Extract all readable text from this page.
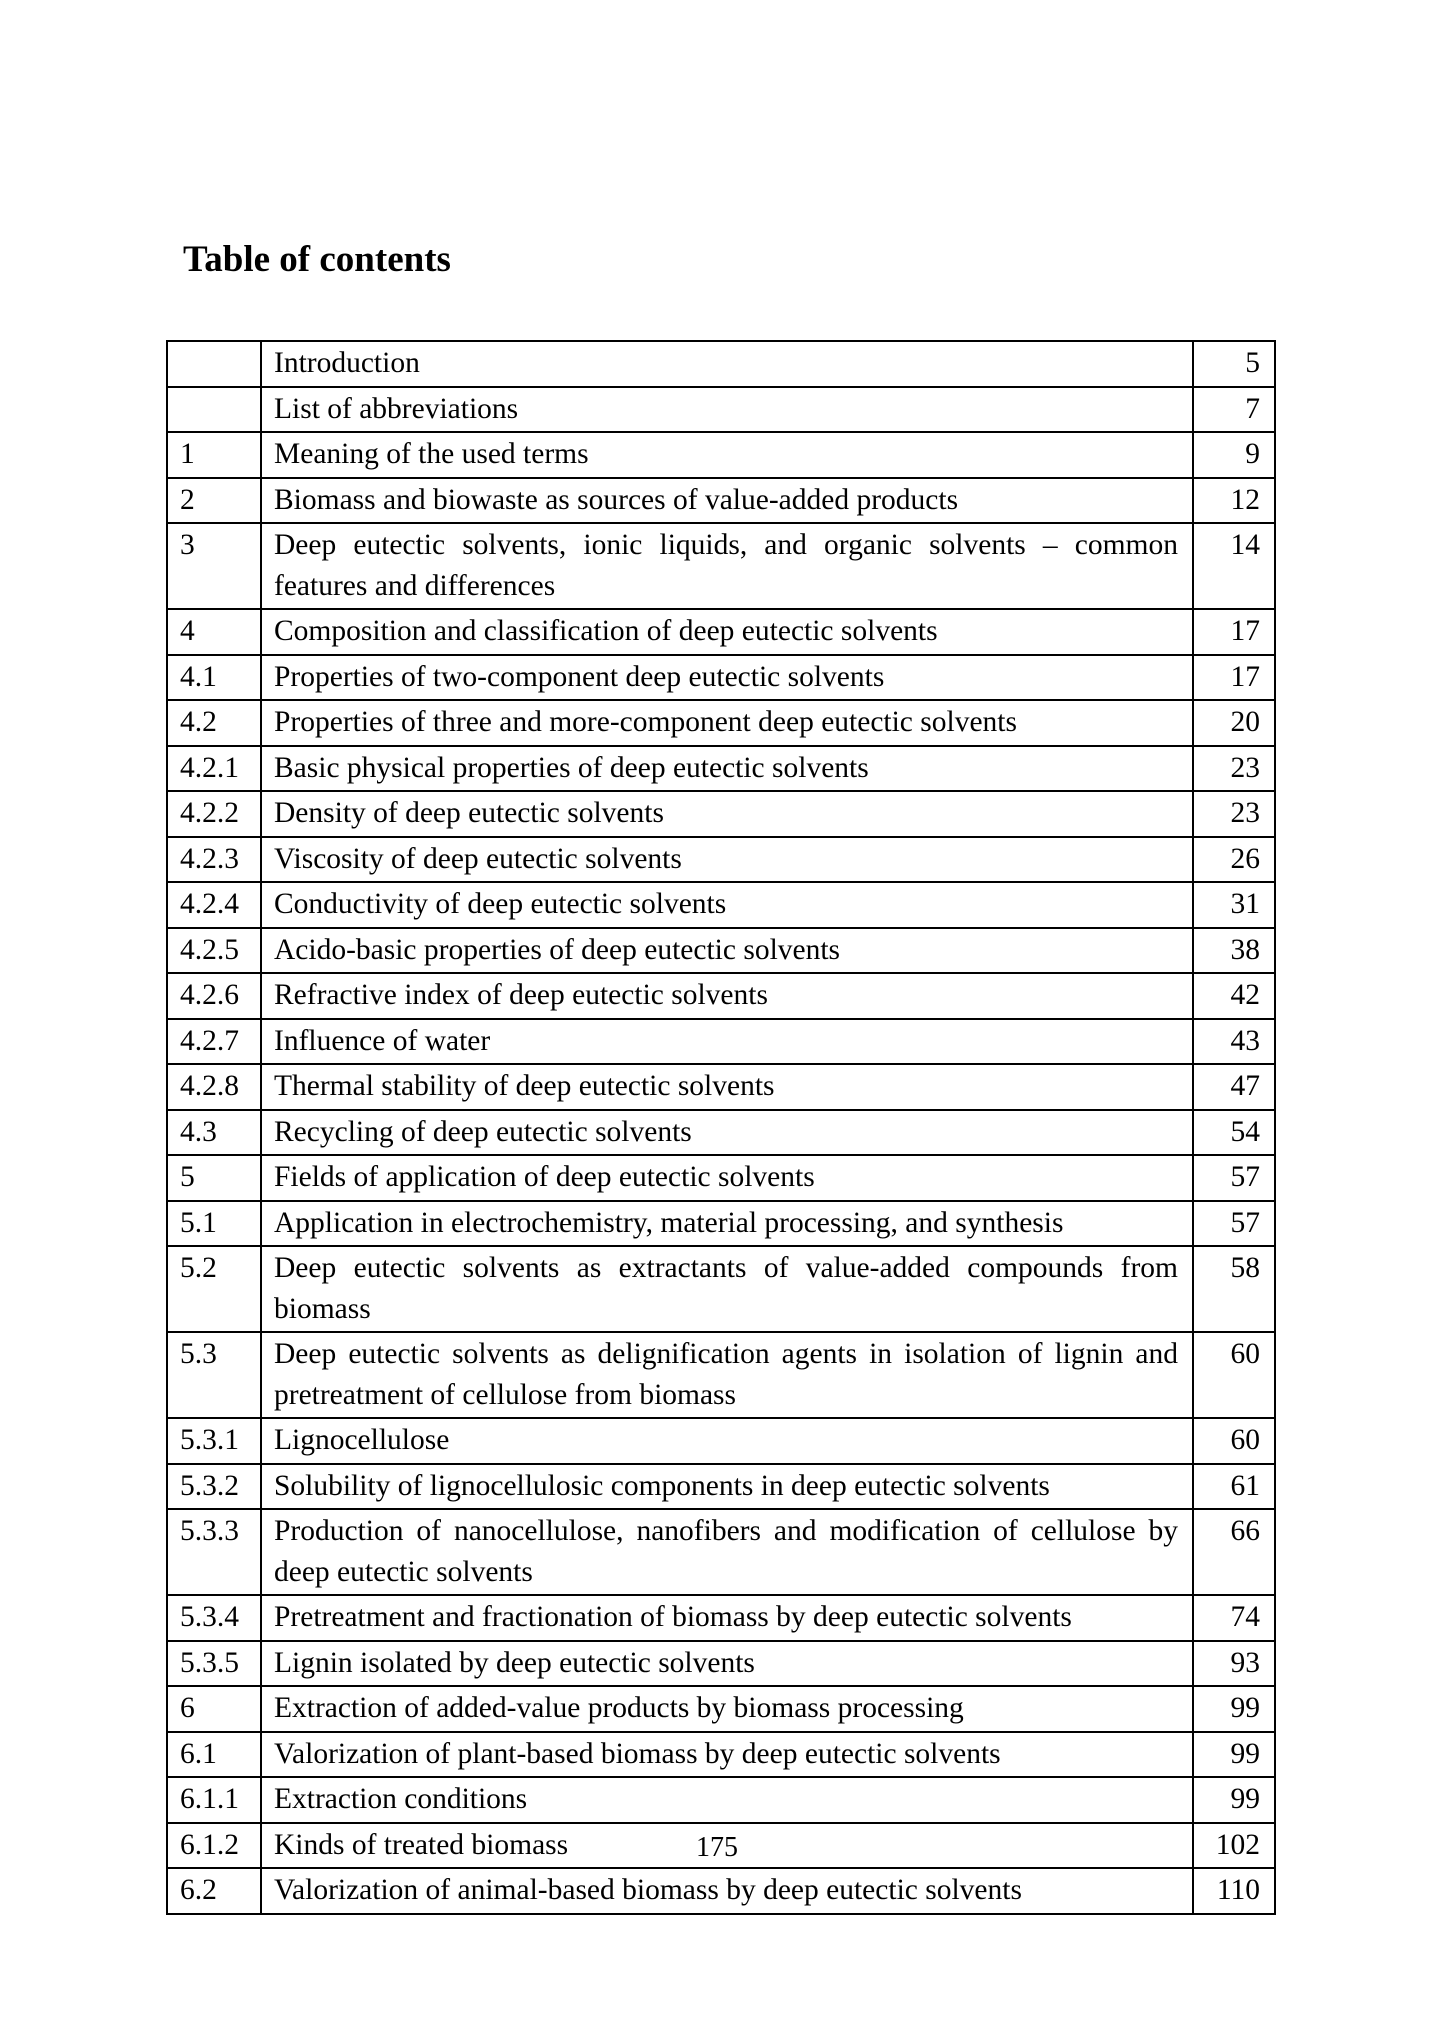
Table of contents
	Introduction	5
	List of abbreviations	7
1	Meaning of the used terms	9
2	Biomass and biowaste as sources of value-added products	12
3	Deep eutectic solvents, ionic liquids, and organic solvents – common features and differences	14
4	Composition and classification of deep eutectic solvents	17
4.1	Properties of two-component deep eutectic solvents	17
4.2	Properties of three and more-component deep eutectic solvents	20
4.2.1	Basic physical properties of deep eutectic solvents	23
4.2.2	Density of deep eutectic solvents	23
4.2.3	Viscosity of deep eutectic solvents	26
4.2.4	Conductivity of deep eutectic solvents	31
4.2.5	Acido-basic properties of deep eutectic solvents	38
4.2.6	Refractive index of deep eutectic solvents	42
4.2.7	Influence of water	43
4.2.8	Thermal stability of deep eutectic solvents	47
4.3	Recycling of deep eutectic solvents	54
5	Fields of application of deep eutectic solvents	57
5.1	Application in electrochemistry, material processing, and synthesis	57
5.2	Deep eutectic solvents as extractants of value-added compounds from biomass	58
5.3	Deep eutectic solvents as delignification agents in isolation of lignin and pretreatment of cellulose from biomass	60
5.3.1	Lignocellulose	60
5.3.2	Solubility of lignocellulosic components in deep eutectic solvents	61
5.3.3	Production of nanocellulose, nanofibers and modification of cellulose by deep eutectic solvents	66
5.3.4	Pretreatment and fractionation of biomass by deep eutectic solvents	74
5.3.5	Lignin isolated by deep eutectic solvents	93
6	Extraction of added-value products by biomass processing	99
6.1	Valorization of plant-based biomass by deep eutectic solvents	99
6.1.1	Extraction conditions	99
6.1.2	Kinds of treated biomass	102
6.2	Valorization of animal-based biomass by deep eutectic solvents	110
175
